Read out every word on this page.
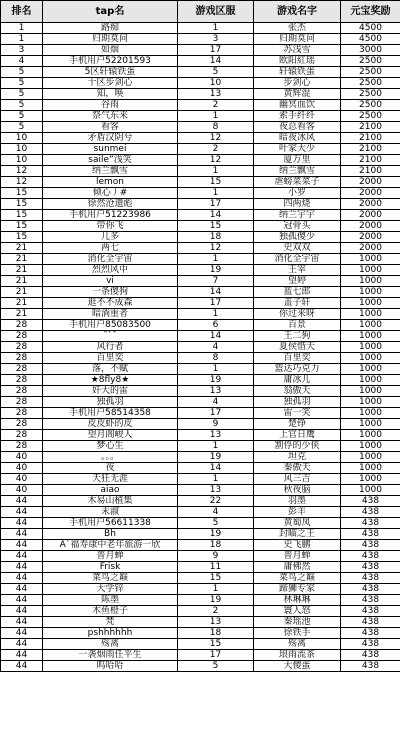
排名	tap名	游戏区服	游戏名字	元宝奖励
1	路痴	1	张杰	4500
1	归期莫问	3	归期莫问	4500
3	如烟	17	苏浅雪	3000
4	手机用户52201593	14	欧阳紅瑶	2500
5	5区轩辕铁蛋	5	轩辕铁蛋	2500
5	十区步剑心	10	步剑心	2500
5	知，唤	13	黄辉混	2500
5	谷雨	2	幽冥血饮	2500
5	祭气东来	1	索手纤纤	2500
5	看客	8	夜总看客	2100
10	矛盾汉阴兮	12	暗夜冰风	2100
10	sunmei	2	叶家大少	2100
10	saile”浅笑	12	厦万里	2100
12	纳兰飘雪	1	纳兰飘雪	2100
12	lemon	15	虐螃菜菜子	2000
15	倾心丿#	1	小罗	2000
15	徐然沧遗彪	17	四两烧	2000
15	手机用户51223986	14	纳兰宇宇	2000
15	带你飞	15	冠骨头	2000
15	几多	18	独孤傻少	2000
21	两七	12	史双双	2000
21	消化全宇宙	1	消化全宇宙	1000
21	烈烈风中	19	王宰	1000
21	vi	7	望婷	1000
21	一条傻狗	14	蓝七郎	1000
21	逛不不成森	17	盖子轩	1000
21	暗淌重者	1	你过来呀	1000
28	手机用户85083500	6	百景	1000
28	¯`¯	14	王二狗	1000
28	风行者	4	夏侯惜天	1000
28	百里奕	8	百里奕	1000
28	落，不赋	1	篮达巧克力	1000
28	★8fly8★	19	庸冰儿	1000
28	奸大的雷	13	翁傲天	1000
28	独孤羽	4	独孤羽	1000
28	手机用户58514358	17	雷一笑	1000
28	皮皮虾的皮	9	楚铮	1000
28	望月阁峻人	13	上官日鹰	1000
28	梦心生	1	割俘的少侠	1000
40	。。。	19	坦克	1000
40	夜	14	秦傲天	1000
40	天狂无涯	1	风三吉	1000
40	aiao	13	秋夜脑	1000
44	木易山植集	22	羽墨	438
44	未淑	4	彭羊	438
44	手机用户56611338	5	黄蜀凤	438
44	Bh	19	封瞄之王	438
44	A`福寿康中老年旅游一欣	18	史飞鹏	438
44	普月蝉	9	普月蝉	438
44	Frisk	11	庸佛然	438
44	菜鸟之巅	15	菜鸟之巅	438
44	大学锌	1	蹄狮专家	438
44	陈墨	19	林琳琳	438
44	木鱼橙子	2	寰人怒	438
44	梵	13	秦瑶池	438
44	pshhhhhh	18	徐铁手	438
44	殇离	15	殇离	438
44	一袭烟雨任平生	17	琅雨流茶	438
44	呜哈哈	5	大傻蛋	438
